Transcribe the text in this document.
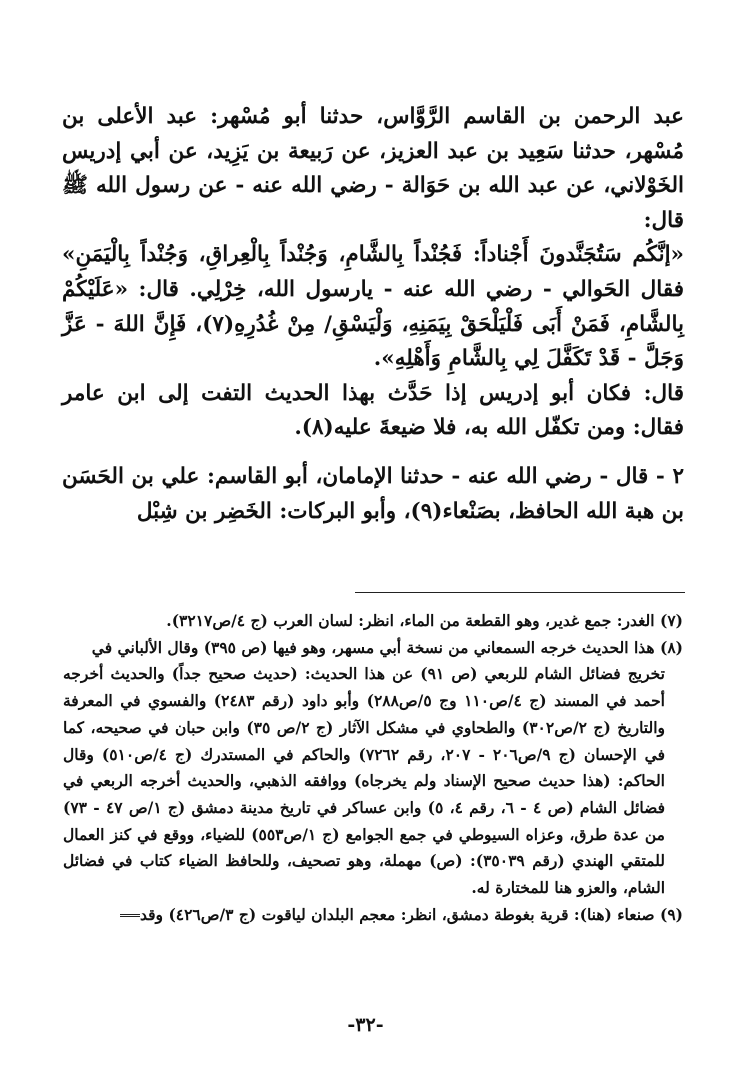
عبد الرحمن بن القاسم الرَّوَّاس، حدثنا أبو مُسْهر: عبد الأعلى بن مُسْهر، حدثنا سَعِيد بن عبد العزيز، عن رَبيعة بن يَزِيد، عن أبي إدريس الخَوْلاني، عن عبد الله بن حَوَالة - رضي الله عنه - عن رسول الله ﷺ قال:

«إنَّكُم سَتُجَنَّدونَ أَجْناداً: فَجُنْداً بِالشَّامِ، وَجُنْداً بِالْعِراقِ، وَجُنْداً بِالْيَمَنِ» فقال الحَوالي - رضي الله عنه - يارسول الله، خِرْلِي. قال: «عَلَيْكُمْ بِالشَّامِ، فَمَنْ أَبَى فَلْيَلْحَقْ بِيَمَنِهِ، وَلْيَسْقِ/ مِنْ غُدُرِهِ(٧)، فَإِنَّ اللهَ - عَزَّ وَجَلَّ - قَدْ تَكَفَّلَ لِي بِالشَّامِ وَأَهْلِهِ».

قال: فكان أبو إدريس إذا حَدَّث بهذا الحديث التفت إلى ابن عامر فقال: ومن تكفّل الله به، فلا ضيعةَ عليه(٨).

٢ - قال - رضي الله عنه - حدثنا الإمامان، أبو القاسم: علي بن الحَسَن بن هبة الله الحافظ، بصَنْعاء(٩)، وأبو البركات: الخَضِر بن شِبْل

(٧) الغدر: جمع غدير، وهو القطعة من الماء، انظر: لسان العرب (ج ٤/ص٣٢١٧).

(٨) هذا الحديث خرجه السمعاني من نسخة أبي مسهر، وهو فيها (ص ٣٩٥) وقال الألباني في

تخريج فضائل الشام للربعي (ص ٩١) عن هذا الحديث: (حديث صحيح جداً) والحديث أخرجه أحمد في المسند (ج ٤/ص١١٠ وج ٥/ص٢٨٨) وأبو داود (رقم ٢٤٨٣) والفسوي في المعرفة والتاريخ (ج ٢/ص٣٠٢) والطحاوي في مشكل الآثار (ج ٢/ص ٣٥) وابن حبان في صحيحه، كما في الإحسان (ج ٩/ص٢٠٦ - ٢٠٧، رقم ٧٢٦٢) والحاكم في المستدرك (ج ٤/ص٥١٠) وقال الحاكم: (هذا حديث صحيح الإسناد ولم يخرجاه) ووافقه الذهبي، والحديث أخرجه الربعي في فضائل الشام (ص ٤ - ٦، رقم ٤، ٥) وابن عساكر في تاريخ مدينة دمشق (ج ١/ص ٤٧ - ٧٣) من عدة طرق، وعزاه السيوطي في جمع الجوامع (ج ١/ص٥٥٣) للضياء، ووقع في كنز العمال للمتقي الهندي (رقم ٣٥٠٣٩): (ص) مهملة، وهو تصحيف، وللحافظ الضياء كتاب في فضائل الشام، والعزو هنا للمختارة له.

(٩) صنعاء (هنا): قرية بغوطة دمشق، انظر: معجم البلدان لياقوت (ج ٣/ص٤٢٦) وقد

-٣٢-
